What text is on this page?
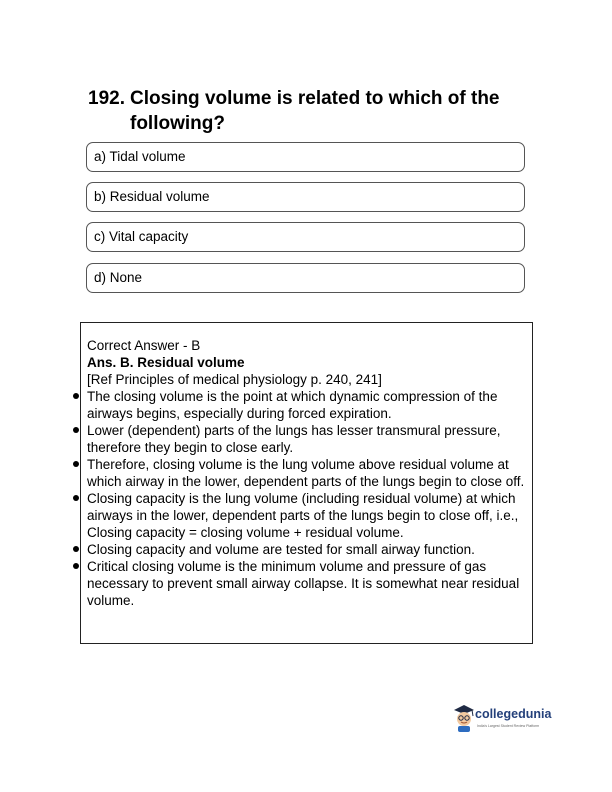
192. Closing volume is related to which of the following?
a) Tidal volume
b) Residual volume
c) Vital capacity
d) None
Correct Answer - B
Ans. B. Residual volume
[Ref Principles of medical physiology p. 240, 241]
The closing volume is the point at which dynamic compression of the airways begins, especially during forced expiration.
Lower (dependent) parts of the lungs has lesser transmural pressure, therefore they begin to close early.
Therefore, closing volume is the lung volume above residual volume at which airway in the lower, dependent parts of the lungs begin to close off.
Closing capacity is the lung volume (including residual volume) at which airways in the lower, dependent parts of the lungs begin to close off, i.e., Closing capacity = closing volume + residual volume.
Closing capacity and volume are tested for small airway function.
Critical closing volume is the minimum volume and pressure of gas necessary to prevent small airway collapse. It is somewhat near residual volume.
collegedunia
India's Largest Student Review Platform
